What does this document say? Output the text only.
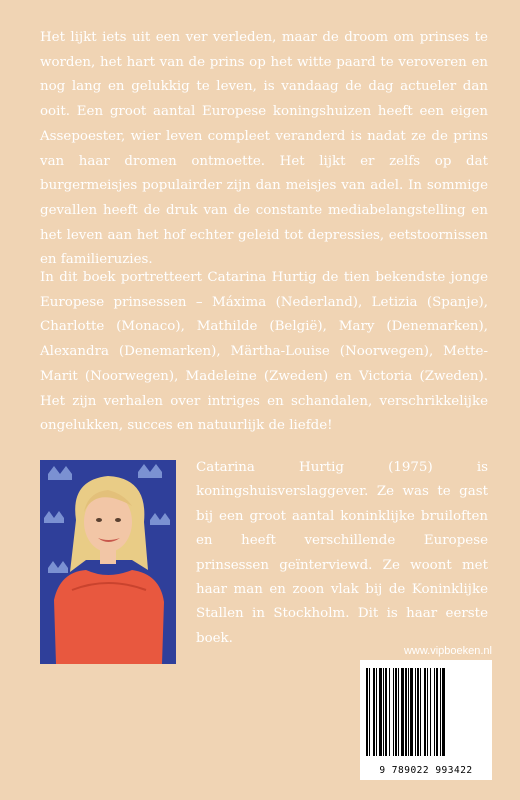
Het lijkt iets uit een ver verleden, maar de droom om prinses te worden, het hart van de prins op het witte paard te veroveren en nog lang en gelukkig te leven, is vandaag de dag actueler dan ooit. Een groot aantal Europese koningshuizen heeft een eigen Assepoester, wier leven compleet veranderd is nadat ze de prins van haar dromen ontmoette. Het lijkt er zelfs op dat burgermeisjes populairder zijn dan meisjes van adel. In sommige gevallen heeft de druk van de constante mediabelangstelling en het leven aan het hof echter geleid tot depressies, eetstoornissen en familieruzies.

In dit boek portretteert Catarina Hurtig de tien bekendste jonge Europese prinsessen – Máxima (Nederland), Letizia (Spanje), Charlotte (Monaco), Mathilde (België), Mary (Denemarken), Alexandra (Denemarken), Märtha-Louise (Noorwegen), Mette-Marit (Noorwegen), Madeleine (Zweden) en Victoria (Zweden). Het zijn verhalen over intriges en schandalen, verschrikkelijke ongelukken, succes en natuurlijk de liefde!

Catarina Hurtig (1975) is koningshuisverslaggever. Ze was te gast bij een groot aantal koninklijke bruiloften en heeft verschillende Europese prinsessen geïnterviewd. Ze woont met haar man en zoon vlak bij de Koninklijke Stallen in Stockholm. Dit is haar eerste boek.

www.vipboeken.nl
9 789022 993422
